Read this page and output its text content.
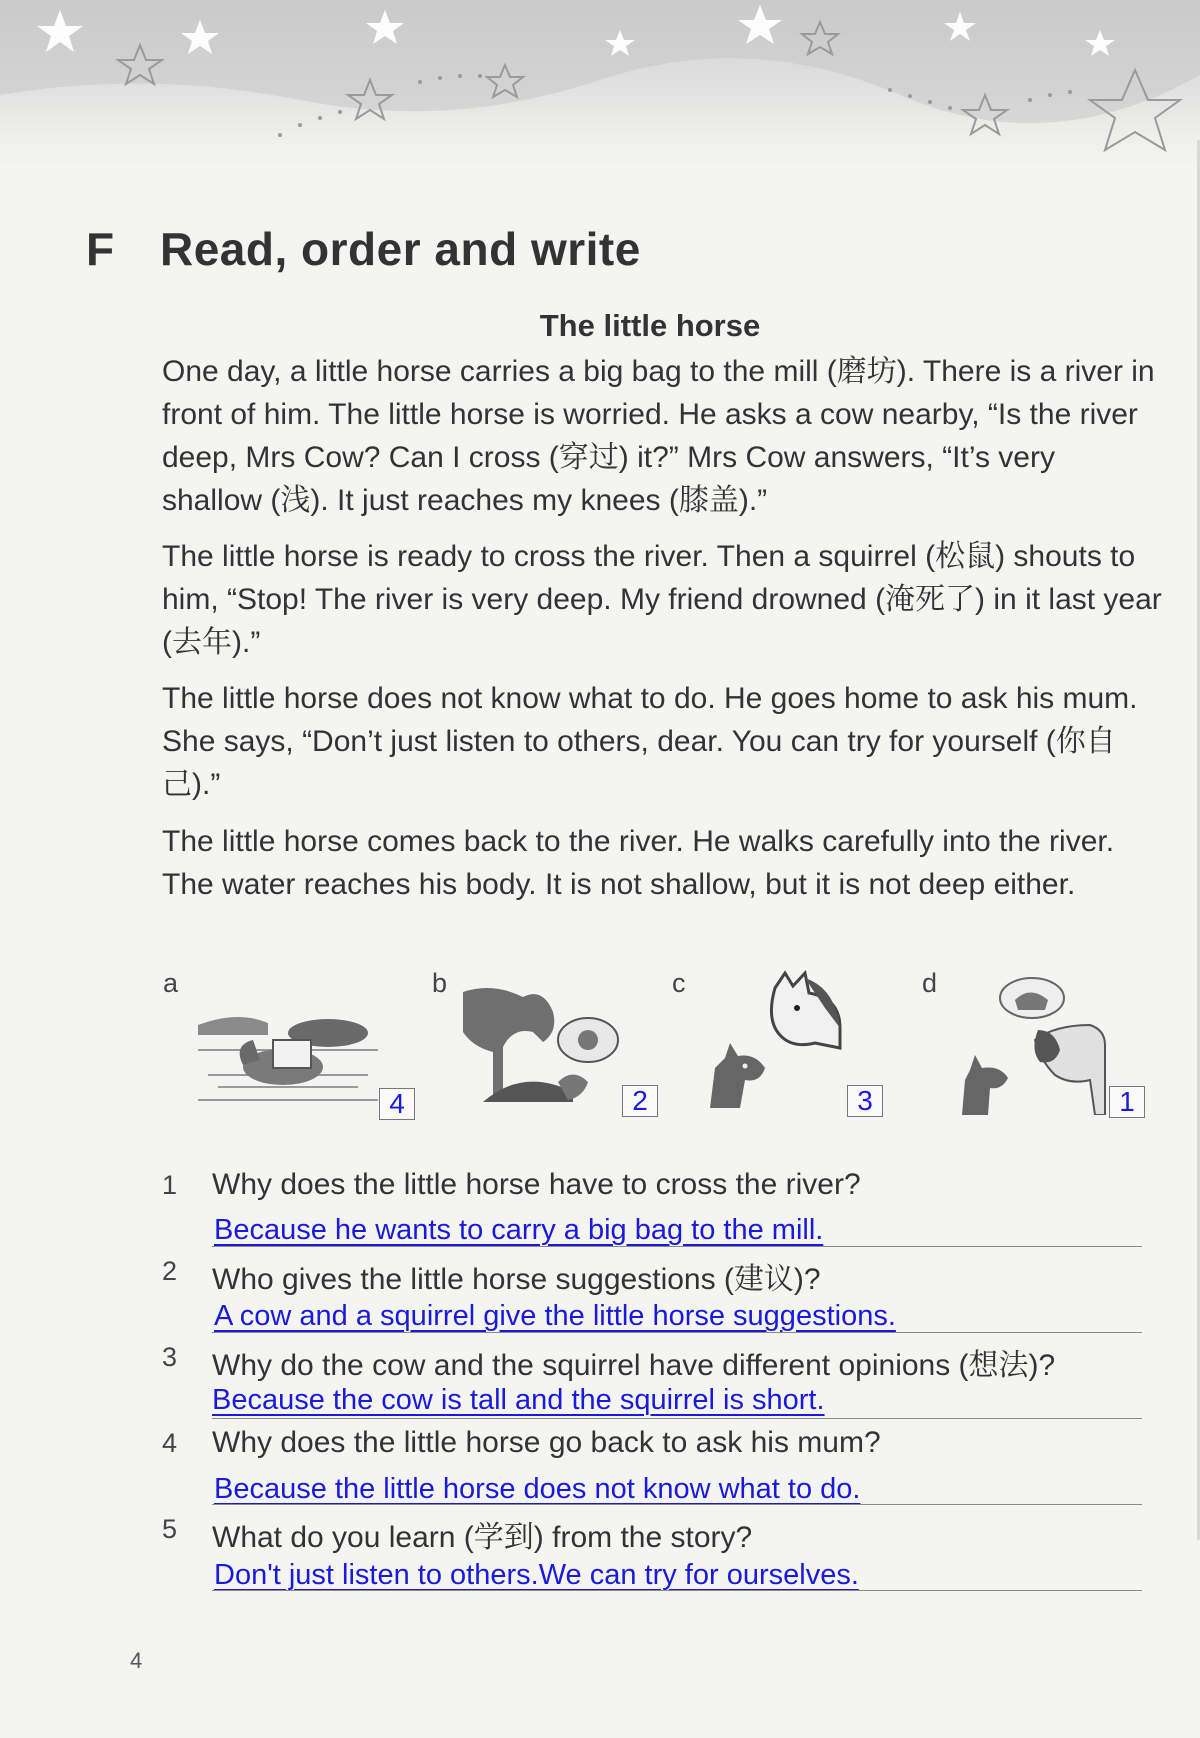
F Read, order and write
The little horse

One day, a little horse carries a big bag to the mill (磨坊). There is a river in front of him. The little horse is worried. He asks a cow nearby, “Is the river deep, Mrs Cow? Can I cross (穿过) it?” Mrs Cow answers, “It’s very shallow (浅). It just reaches my knees (膝盖).”

The little horse is ready to cross the river. Then a squirrel (松鼠) shouts to him, “Stop! The river is very deep. My friend drowned (淹死了) in it last year (去年).”

The little horse does not know what to do. He goes home to ask his mum. She says, “Don’t just listen to others, dear. You can try for yourself (你自己).”

The little horse comes back to the river. He walks carefully into the river. The water reaches his body. It is not shallow, but it is not deep either.

a
4
b
2
c
3
d
1
1 Why does the little horse have to cross the river?
Because he wants to carry a big bag to the mill.
2 Who gives the little horse suggestions (建议)?
A cow and a squirrel give the little horse suggestions.
3 Why do the cow and the squirrel have different opinions (想法)?
Because the cow is tall and the squirrel is short.
4 Why does the little horse go back to ask his mum?
Because the little horse does not know what to do.
5 What do you learn (学到) from the story?
Don't just listen to others.We can try for ourselves.
4
